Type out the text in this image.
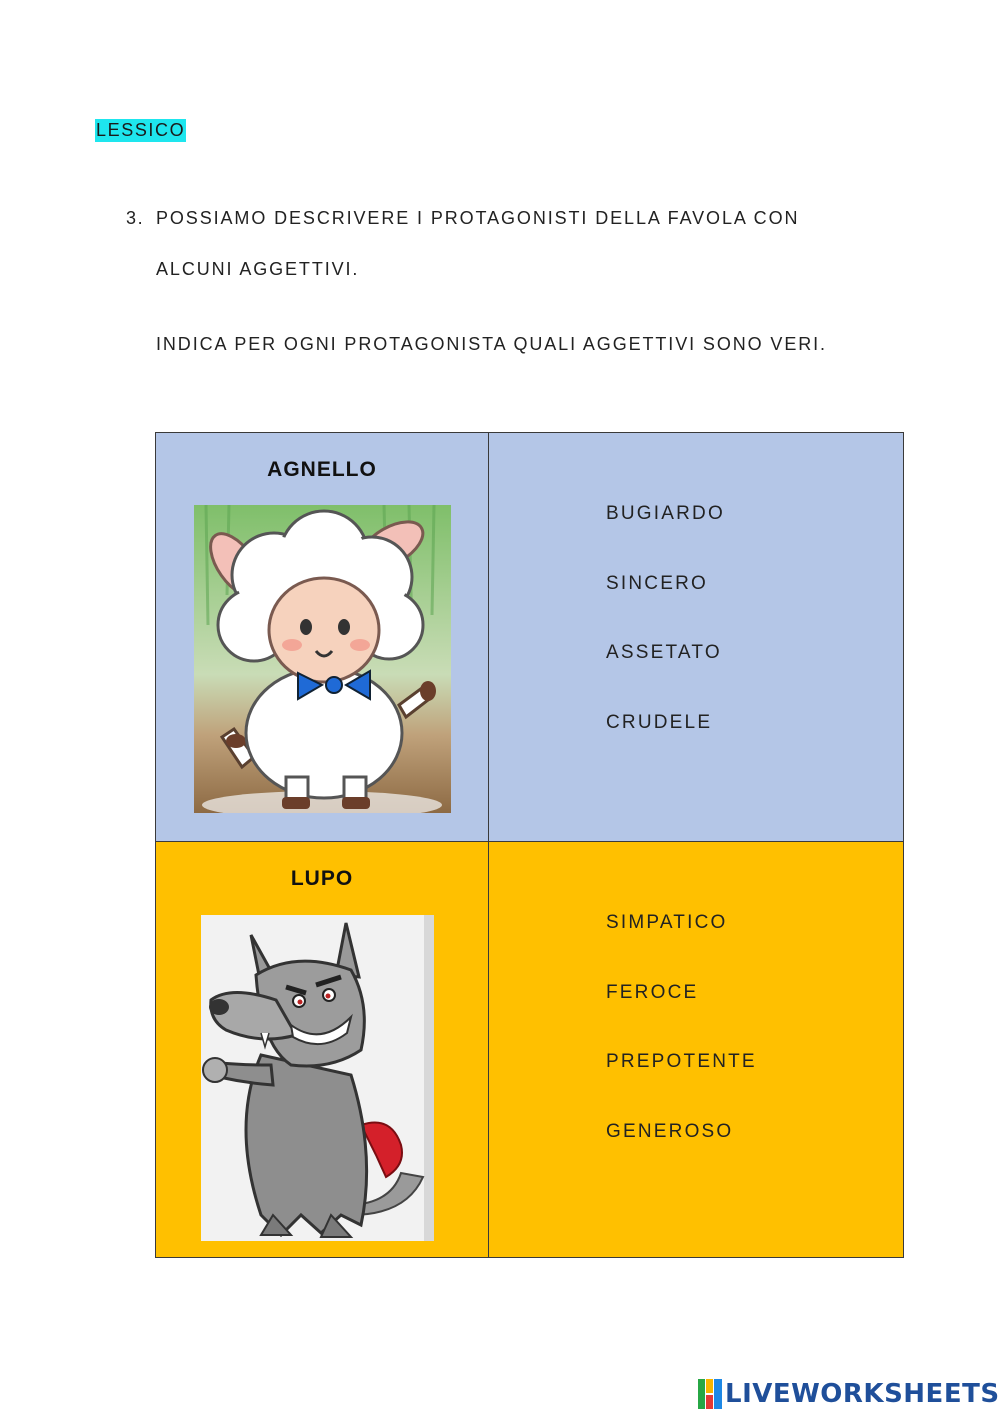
LESSICO
3. POSSIAMO DESCRIVERE I PROTAGONISTI DELLA FAVOLA CON
ALCUNI AGGETTIVI.
INDICA PER OGNI PROTAGONISTA QUALI AGGETTIVI SONO VERI.
AGNELLO
BUGIARDO
SINCERO
ASSETATO
CRUDELE
LUPO
SIMPATICO
FEROCE
PREPOTENTE
GENEROSO
LIVEWORKSHEETS
